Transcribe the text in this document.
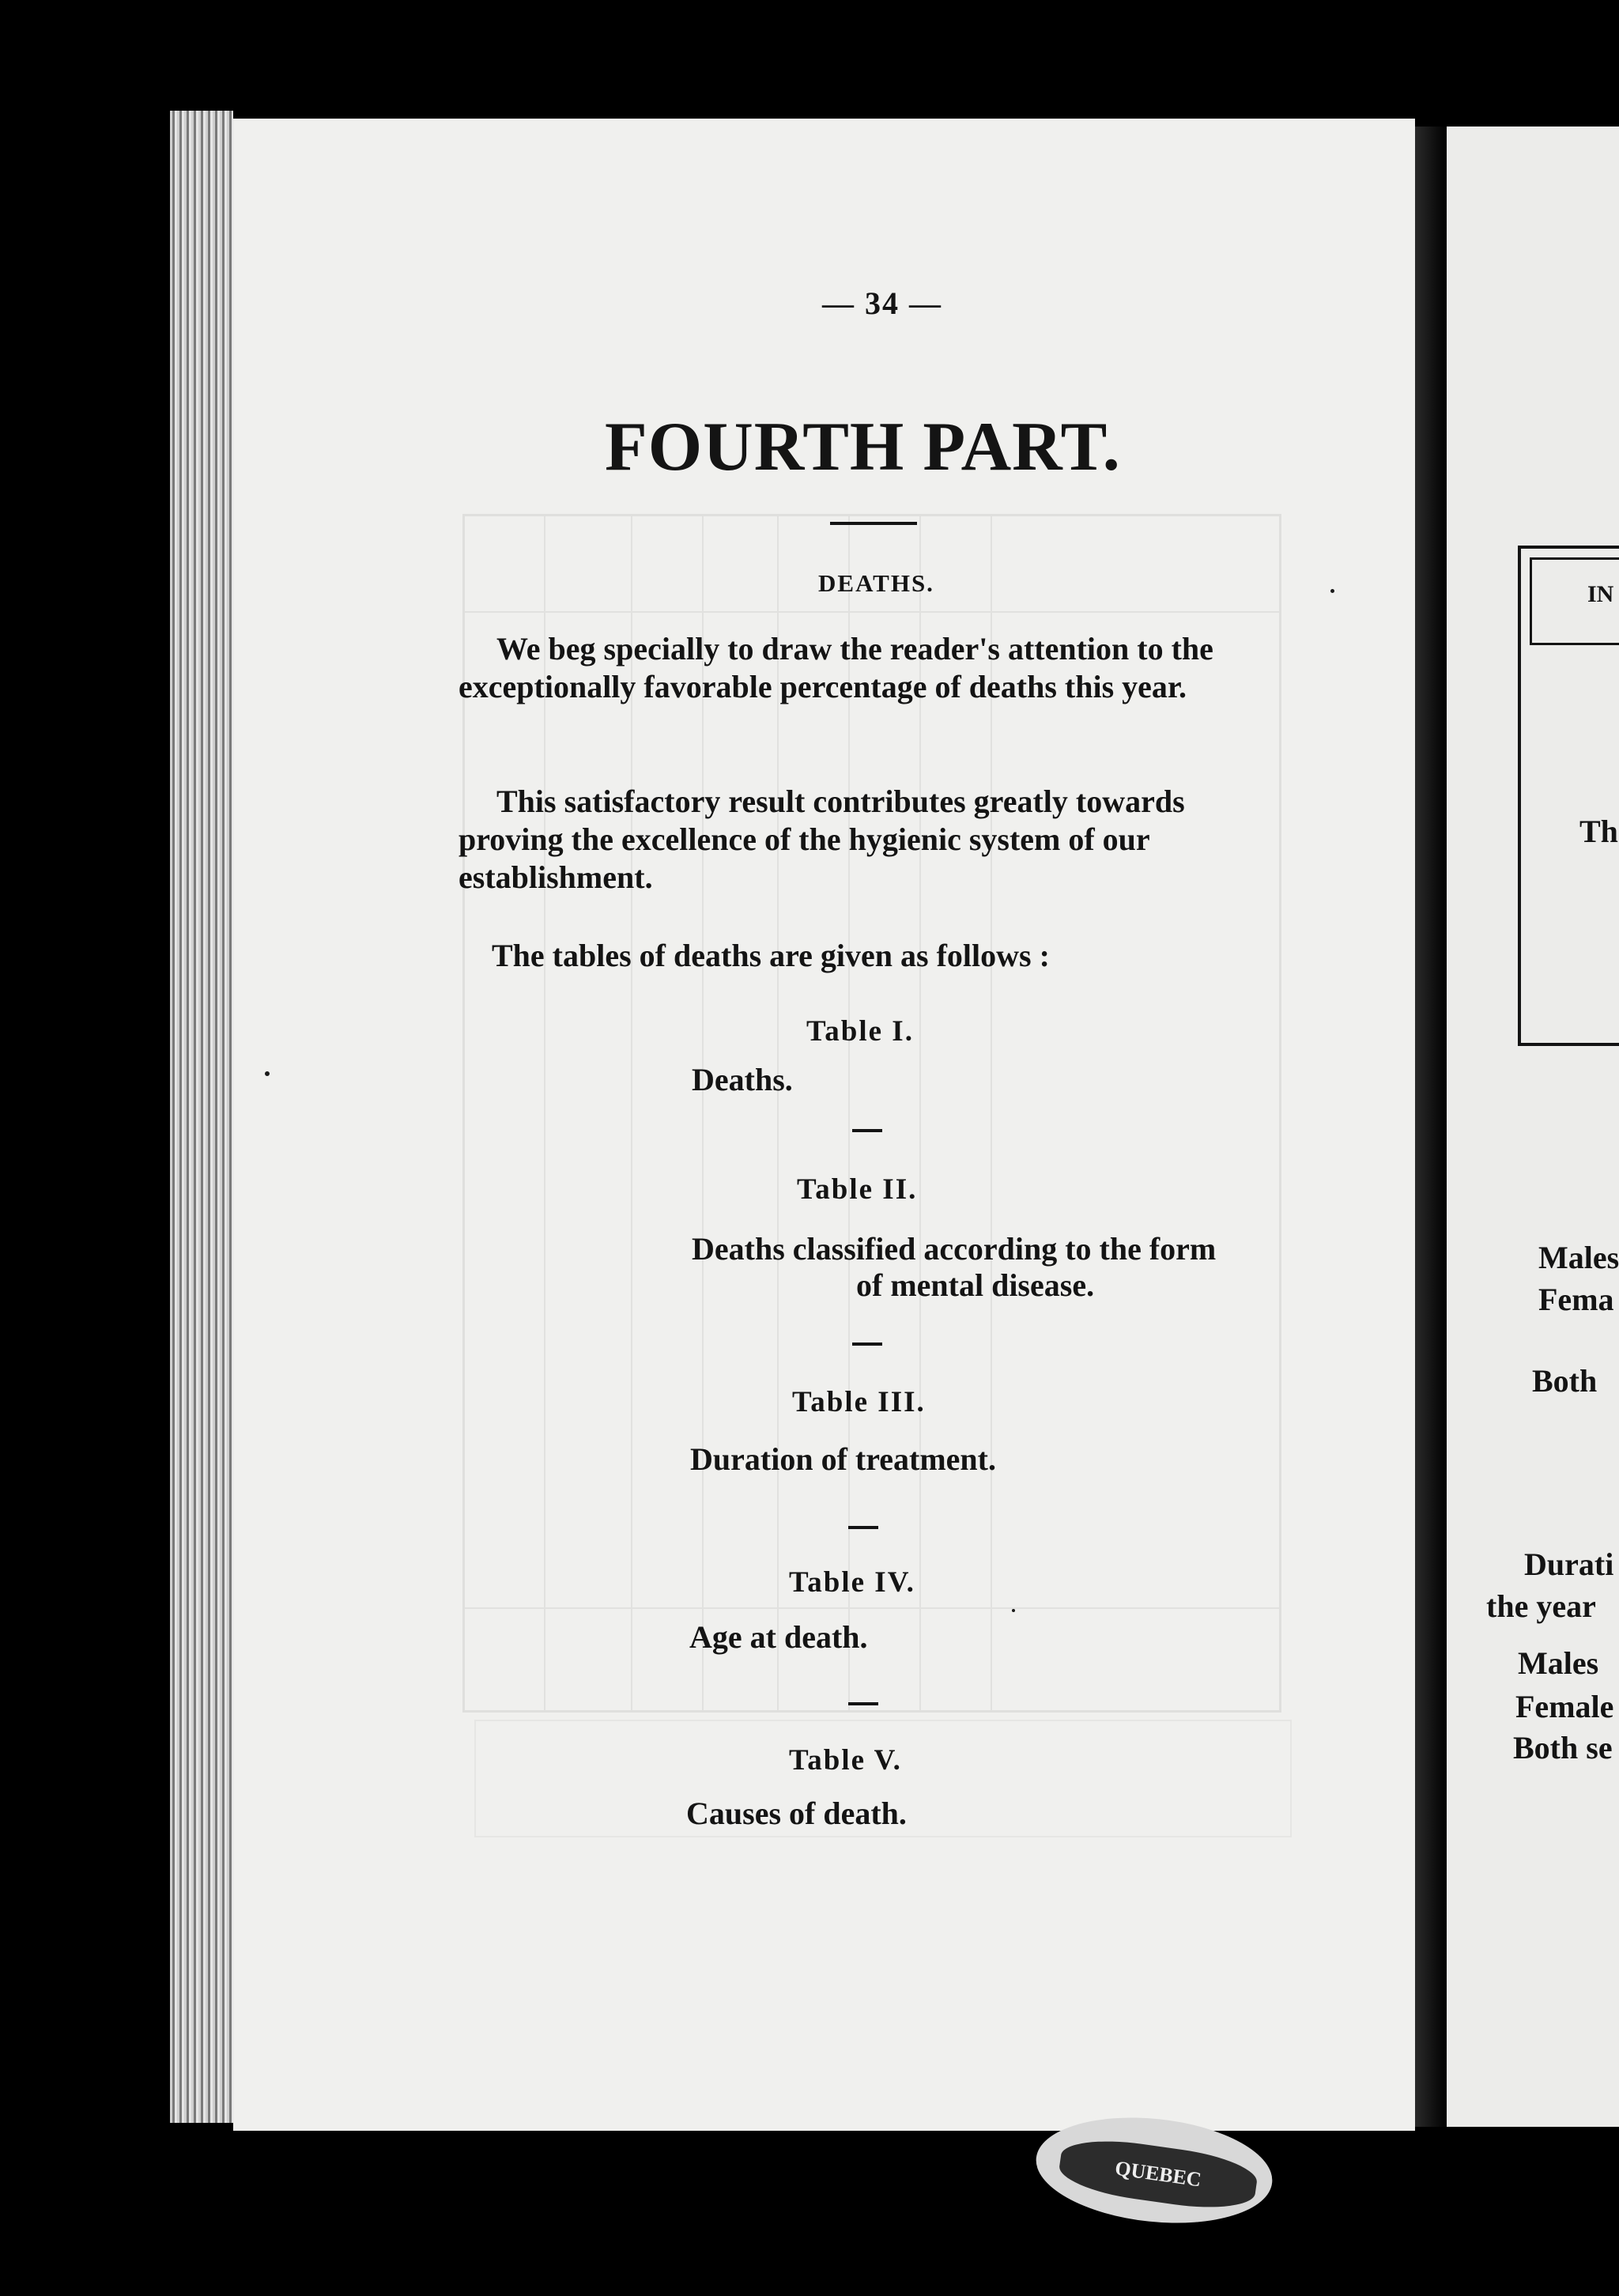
— 34 —
FOURTH PART.
DEATHS.
We beg specially to draw the reader's attention to the exceptionally favorable percentage of deaths this year.
This satisfactory result contributes greatly towards proving the excellence of the hygienic system of our establishment.
The tables of deaths are given as follows :
Table I.
Deaths.
Table II.
Deaths classified according to the form
of mental disease.
Table III.
Duration of treatment.
Table IV.
Age at death.
Table V.
Causes of death.
IN
Th
Males
Fema
Both
Durati
the year
Males
Female
Both se
QUEBEC
